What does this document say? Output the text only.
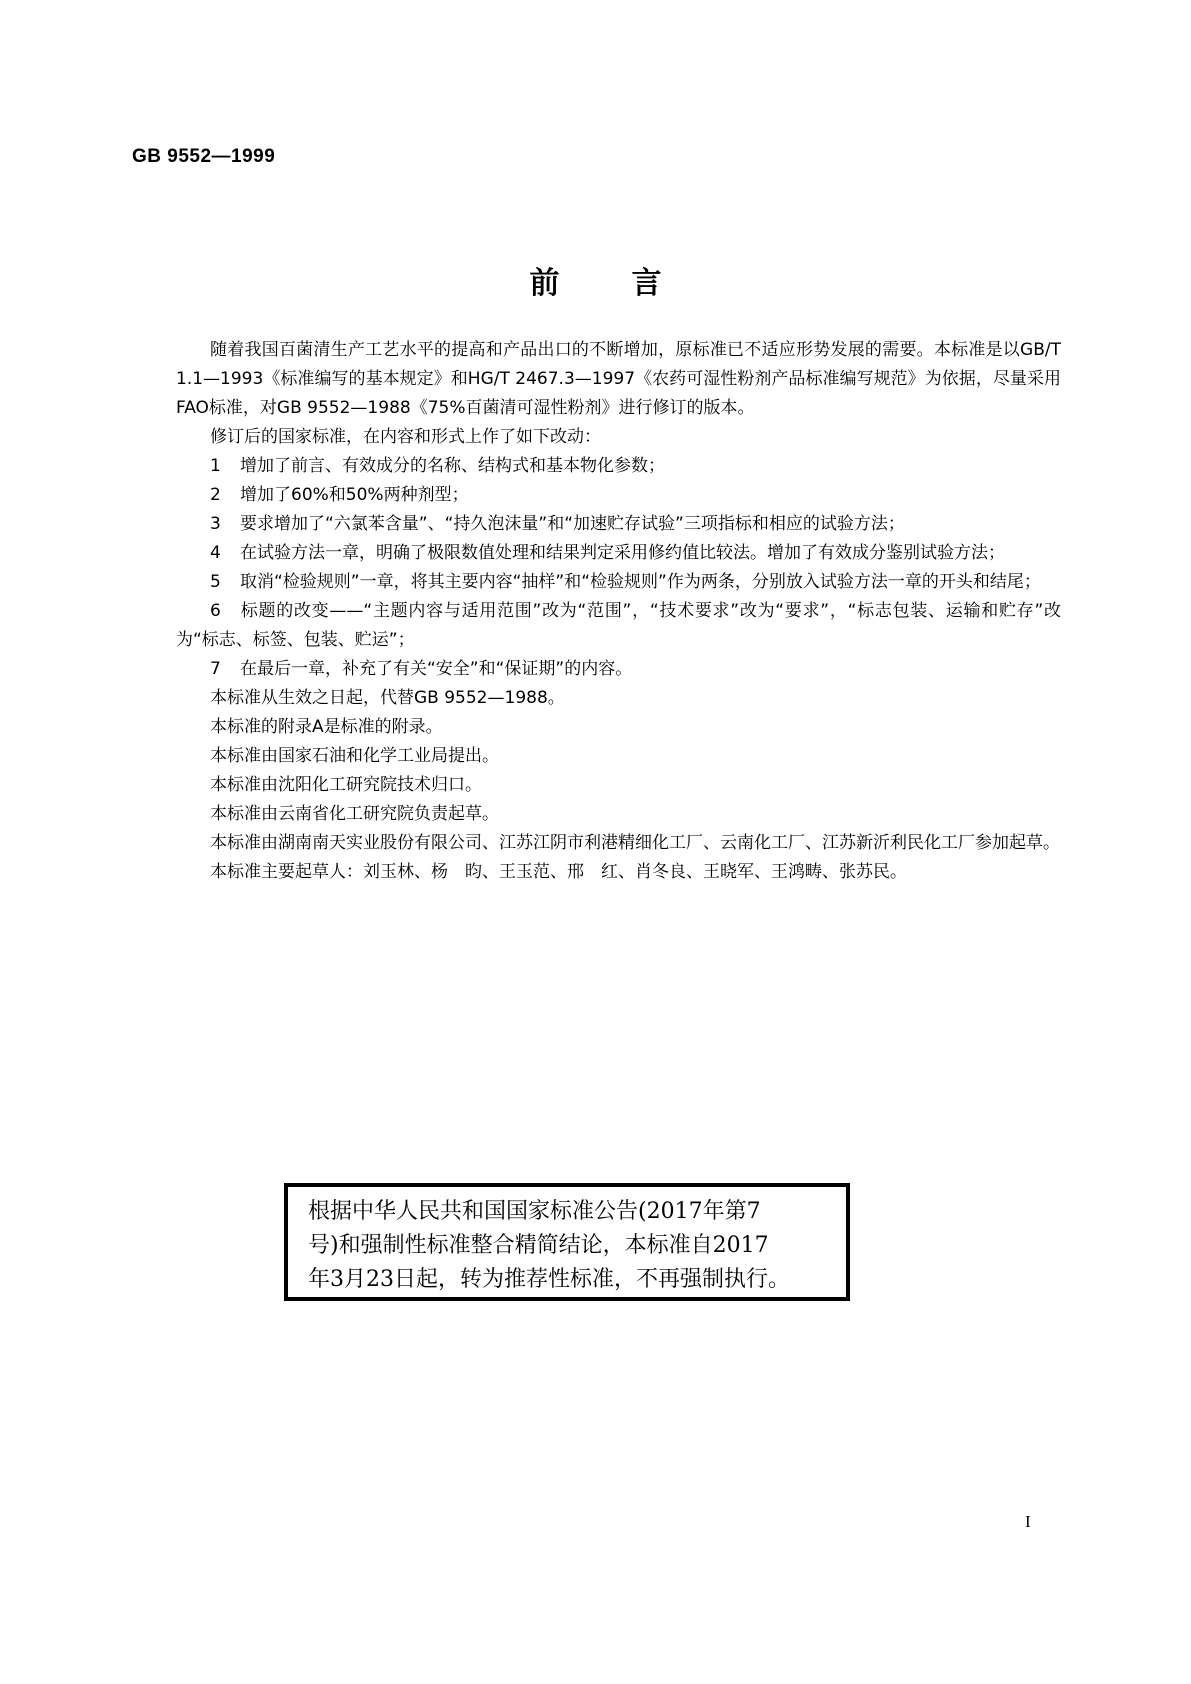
GB 9552—1999
前言

随着我国百菌清生产工艺水平的提高和产品出口的不断增加，原标准已不适应形势发展的需要。本标准是以GB/T 1.1—1993《标准编写的基本规定》和HG/T 2467.3—1997《农药可湿性粉剂产品标准编写规范》为依据，尽量采用FAO标准，对GB 9552—1988《75%百菌清可湿性粉剂》进行修订的版本。

修订后的国家标准，在内容和形式上作了如下改动：

1 增加了前言、有效成分的名称、结构式和基本物化参数；

2 增加了60%和50%两种剂型；

3 要求增加了“六氯苯含量”、“持久泡沫量”和“加速贮存试验”三项指标和相应的试验方法；

4 在试验方法一章，明确了极限数值处理和结果判定采用修约值比较法。增加了有效成分鉴别试验方法；

5 取消“检验规则”一章，将其主要内容“抽样”和“检验规则”作为两条，分别放入试验方法一章的开头和结尾；

6 标题的改变——“主题内容与适用范围”改为“范围”，“技术要求”改为“要求”，“标志包装、运输和贮存”改为“标志、标签、包装、贮运”；

7 在最后一章，补充了有关“安全”和“保证期”的内容。

本标准从生效之日起，代替GB 9552—1988。

本标准的附录A是标准的附录。

本标准由国家石油和化学工业局提出。

本标准由沈阳化工研究院技术归口。

本标准由云南省化工研究院负责起草。

本标准由湖南南天实业股份有限公司、江苏江阴市利港精细化工厂、云南化工厂、江苏新沂利民化工厂参加起草。

本标准主要起草人：刘玉林、杨　昀、王玉范、邢　红、肖冬良、王晓军、王鸿畴、张苏民。

根据中华人民共和国国家标准公告(2017年第7

号)和强制性标准整合精简结论，本标准自2017

年3月23日起，转为推荐性标准，不再强制执行。

I
